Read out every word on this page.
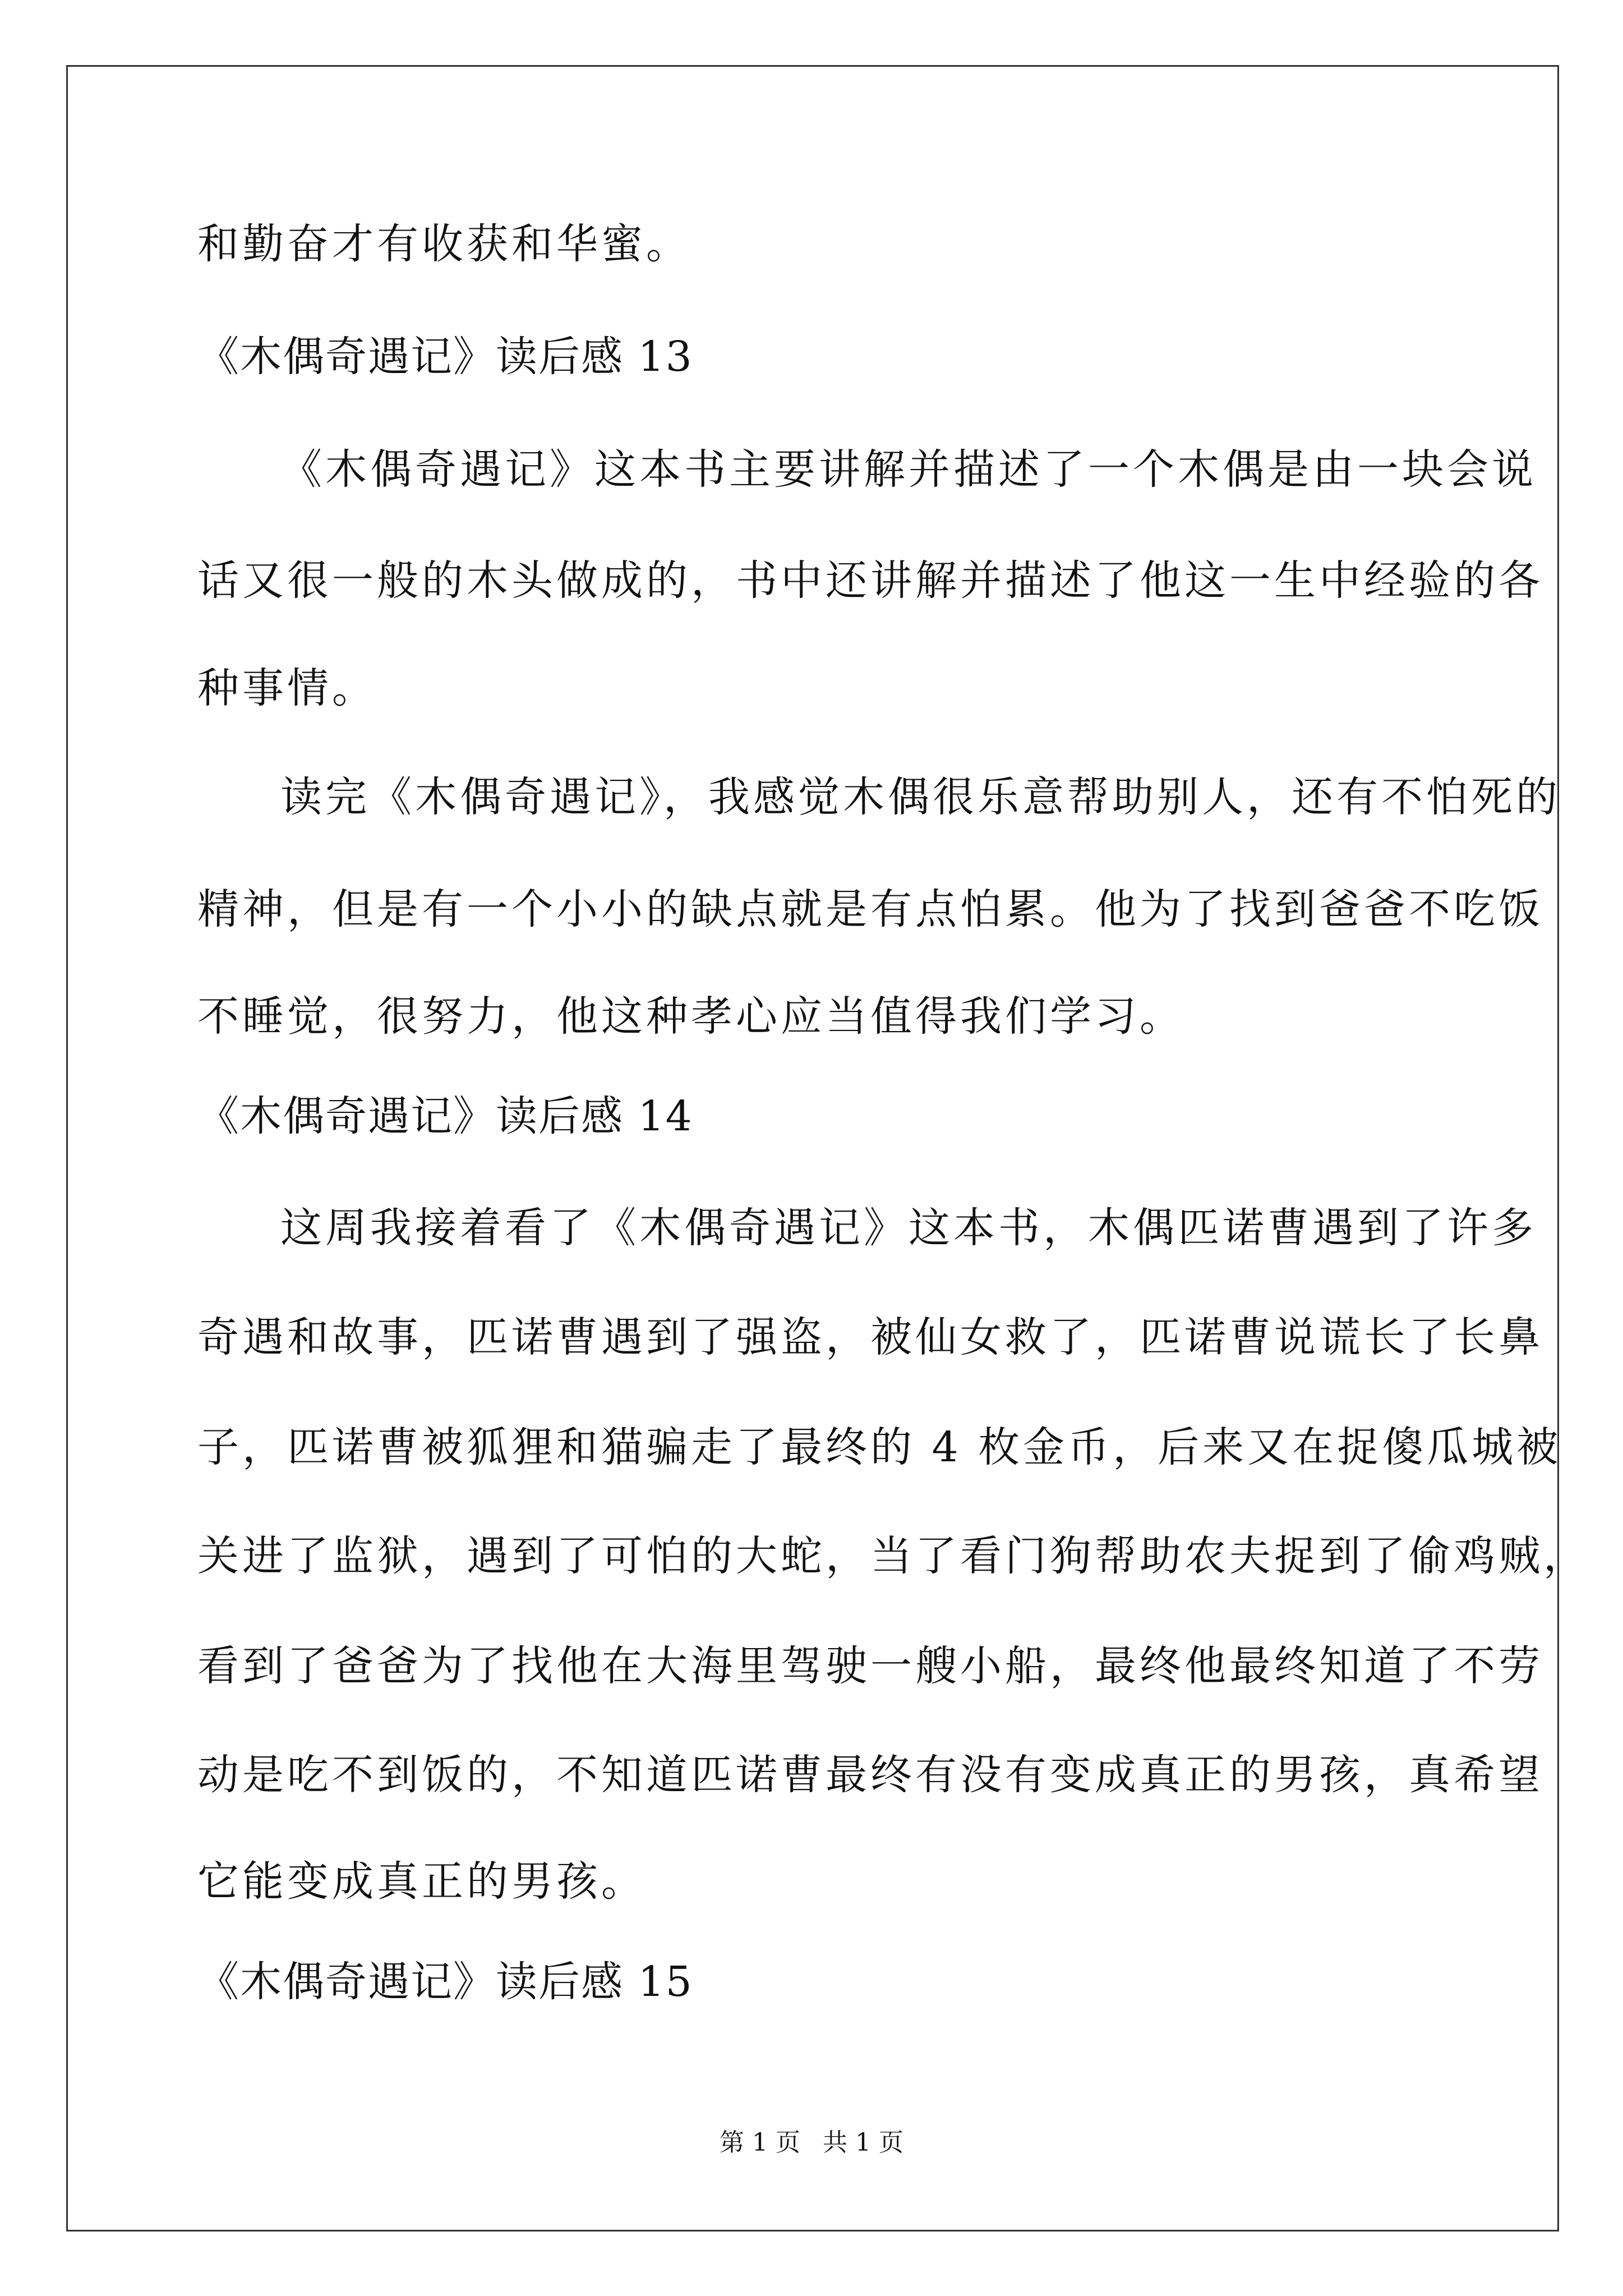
和勤奋才有收获和华蜜。
《木偶奇遇记》读后感 13
《木偶奇遇记》这本书主要讲解并描述了一个木偶是由一块会说
话又很一般的木头做成的，书中还讲解并描述了他这一生中经验的各
种事情。
读完《木偶奇遇记》，我感觉木偶很乐意帮助别人，还有不怕死的
精神，但是有一个小小的缺点就是有点怕累。他为了找到爸爸不吃饭
不睡觉，很努力，他这种孝心应当值得我们学习。
《木偶奇遇记》读后感 14
这周我接着看了《木偶奇遇记》这本书，木偶匹诺曹遇到了许多
奇遇和故事，匹诺曹遇到了强盗，被仙女救了，匹诺曹说谎长了长鼻
子，匹诺曹被狐狸和猫骗走了最终的 4 枚金币，后来又在捉傻瓜城被
关进了监狱，遇到了可怕的大蛇，当了看门狗帮助农夫捉到了偷鸡贼，
看到了爸爸为了找他在大海里驾驶一艘小船，最终他最终知道了不劳
动是吃不到饭的，不知道匹诺曹最终有没有变成真正的男孩，真希望
它能变成真正的男孩。
《木偶奇遇记》读后感 15
第 1 页 共 1 页
